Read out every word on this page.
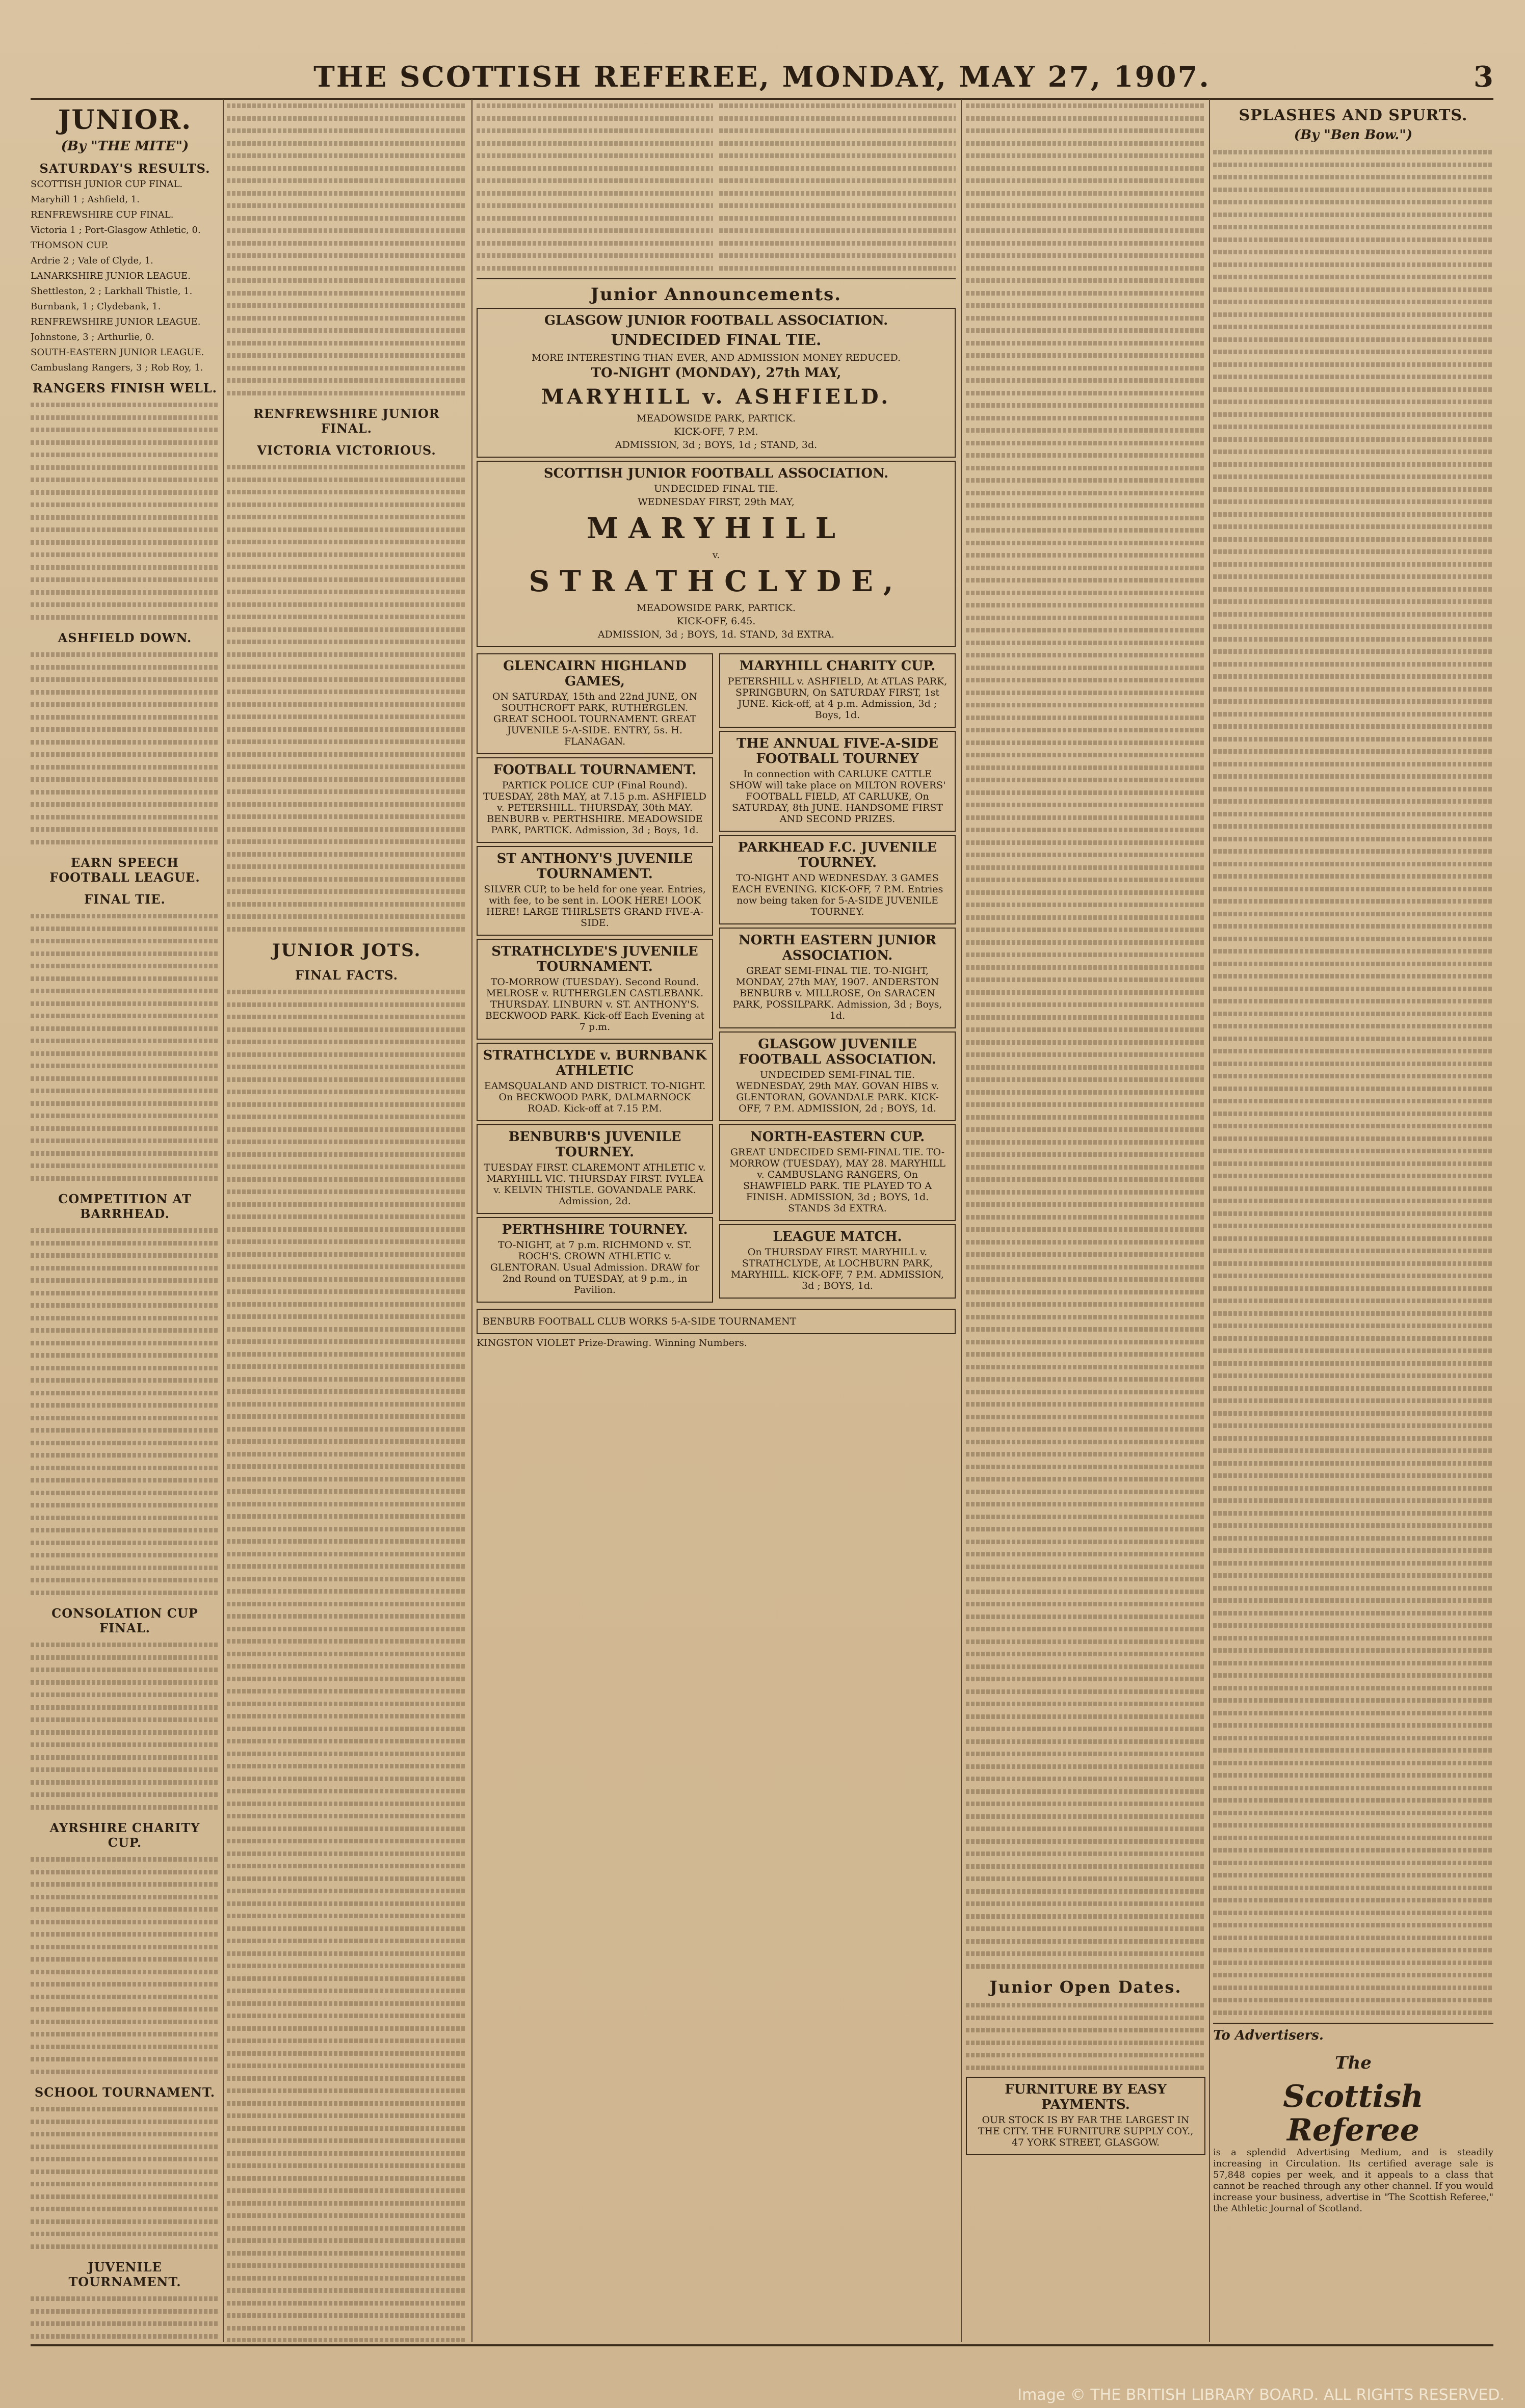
THE SCOTTISH REFEREE, MONDAY, MAY 27, 1907.	3
JUNIOR.
(By "THE MITE")
SATURDAY'S RESULTS.
SCOTTISH JUNIOR CUP FINAL.
Maryhill 1 ; Ashfield, 1.
RENFREWSHIRE CUP FINAL.
Victoria 1 ; Port-Glasgow Athletic, 0.
THOMSON CUP.
Ardrie 2 ; Vale of Clyde, 1.
LANARKSHIRE JUNIOR LEAGUE.
Shettleston, 2 ; Larkhall Thistle, 1.
Burnbank, 1 ; Clydebank, 1.
RENFREWSHIRE JUNIOR LEAGUE.
Johnstone, 3 ; Arthurlie, 0.
SOUTH-EASTERN JUNIOR LEAGUE.
Cambuslang Rangers, 3 ; Rob Roy, 1.
RANGERS FINISH WELL.
ASHFIELD DOWN.
EARN SPEECH FOOTBALL LEAGUE.
FINAL TIE.
COMPETITION AT BARRHEAD.
CONSOLATION CUP FINAL.
AYRSHIRE CHARITY CUP.
SCHOOL TOURNAMENT.
JUVENILE TOURNAMENT.
RENFREWSHIRE JUNIOR FINAL.
VICTORIA VICTORIOUS.
JUNIOR JOTS.
FINAL FACTS.
Junior Announcements.
GLASGOW JUNIOR FOOTBALL ASSOCIATION.
UNDECIDED FINAL TIE.
MORE INTERESTING THAN EVER, AND ADMISSION MONEY REDUCED.
TO-NIGHT (MONDAY), 27th MAY,
MARYHILL v. ASHFIELD.
MEADOWSIDE PARK, PARTICK.
KICK-OFF, 7 P.M.
ADMISSION, 3d ; BOYS, 1d ; STAND, 3d.
SCOTTISH JUNIOR FOOTBALL ASSOCIATION.
UNDECIDED FINAL TIE.
WEDNESDAY FIRST, 29th MAY,
MARYHILL
v.
STRATHCLYDE,
MEADOWSIDE PARK, PARTICK.
KICK-OFF, 6.45.
ADMISSION, 3d ; BOYS, 1d. STAND, 3d EXTRA.
GLENCAIRN HIGHLAND GAMES,
ON SATURDAY, 15th and 22nd JUNE, ON SOUTHCROFT PARK, RUTHERGLEN. GREAT SCHOOL TOURNAMENT. GREAT JUVENILE 5-A-SIDE. ENTRY, 5s. H. FLANAGAN.
FOOTBALL TOURNAMENT.
PARTICK POLICE CUP (Final Round). TUESDAY, 28th MAY, at 7.15 p.m. ASHFIELD v. PETERSHILL. THURSDAY, 30th MAY. BENBURB v. PERTHSHIRE. MEADOWSIDE PARK, PARTICK. Admission, 3d ; Boys, 1d.
ST ANTHONY'S JUVENILE TOURNAMENT.
SILVER CUP, to be held for one year. Entries, with fee, to be sent in. LOOK HERE! LOOK HERE! LARGE THIRLSETS GRAND FIVE-A-SIDE.
STRATHCLYDE'S JUVENILE TOURNAMENT.
TO-MORROW (TUESDAY). Second Round. MELROSE v. RUTHERGLEN CASTLEBANK. THURSDAY. LINBURN v. ST. ANTHONY'S. BECKWOOD PARK. Kick-off Each Evening at 7 p.m.
STRATHCLYDE v. BURNBANK ATHLETIC
EAMSQUALAND AND DISTRICT. TO-NIGHT. On BECKWOOD PARK, DALMARNOCK ROAD. Kick-off at 7.15 P.M.
BENBURB'S JUVENILE TOURNEY.
TUESDAY FIRST. CLAREMONT ATHLETIC v. MARYHILL VIC. THURSDAY FIRST. IVYLEA v. KELVIN THISTLE. GOVANDALE PARK. Admission, 2d.
PERTHSHIRE TOURNEY.
TO-NIGHT, at 7 p.m. RICHMOND v. ST. ROCH'S. CROWN ATHLETIC v. GLENTORAN. Usual Admission. DRAW for 2nd Round on TUESDAY, at 9 p.m., in Pavilion.
MARYHILL CHARITY CUP.
PETERSHILL v. ASHFIELD, At ATLAS PARK, SPRINGBURN, On SATURDAY FIRST, 1st JUNE. Kick-off, at 4 p.m. Admission, 3d ; Boys, 1d.
THE ANNUAL FIVE-A-SIDE FOOTBALL TOURNEY
In connection with CARLUKE CATTLE SHOW will take place on MILTON ROVERS' FOOTBALL FIELD, AT CARLUKE, On SATURDAY, 8th JUNE. HANDSOME FIRST AND SECOND PRIZES.
PARKHEAD F.C. JUVENILE TOURNEY.
TO-NIGHT AND WEDNESDAY. 3 GAMES EACH EVENING. KICK-OFF, 7 P.M. Entries now being taken for 5-A-SIDE JUVENILE TOURNEY.
NORTH EASTERN JUNIOR ASSOCIATION.
GREAT SEMI-FINAL TIE. TO-NIGHT, MONDAY, 27th MAY, 1907. ANDERSTON BENBURB v. MILLROSE, On SARACEN PARK, POSSILPARK. Admission, 3d ; Boys, 1d.
GLASGOW JUVENILE FOOTBALL ASSOCIATION.
UNDECIDED SEMI-FINAL TIE. WEDNESDAY, 29th MAY. GOVAN HIBS v. GLENTORAN, GOVANDALE PARK. KICK-OFF, 7 P.M. ADMISSION, 2d ; BOYS, 1d.
NORTH-EASTERN CUP.
GREAT UNDECIDED SEMI-FINAL TIE. TO-MORROW (TUESDAY), MAY 28. MARYHILL v. CAMBUSLANG RANGERS, On SHAWFIELD PARK. TIE PLAYED TO A FINISH. ADMISSION, 3d ; BOYS, 1d. STANDS 3d EXTRA.
LEAGUE MATCH.
On THURSDAY FIRST. MARYHILL v. STRATHCLYDE, At LOCHBURN PARK, MARYHILL. KICK-OFF, 7 P.M. ADMISSION, 3d ; BOYS, 1d.
BENBURB FOOTBALL CLUB WORKS 5-A-SIDE TOURNAMENT
KINGSTON VIOLET Prize-Drawing. Winning Numbers.
Junior Open Dates.
FURNITURE BY EASY PAYMENTS.
OUR STOCK IS BY FAR THE LARGEST IN THE CITY. THE FURNITURE SUPPLY COY., 47 YORK STREET, GLASGOW.
SPLASHES AND SPURTS.
(By "Ben Bow.")
To Advertisers.
The
Scottish
Referee
is a splendid Advertising Medium, and is steadily increasing in Circulation. Its certified average sale is 57,848 copies per week, and it appeals to a class that cannot be reached through any other channel. If you would increase your business, advertise in "The Scottish Referee," the Athletic Journal of Scotland.
Image © THE BRITISH LIBRARY BOARD. ALL RIGHTS RESERVED.
